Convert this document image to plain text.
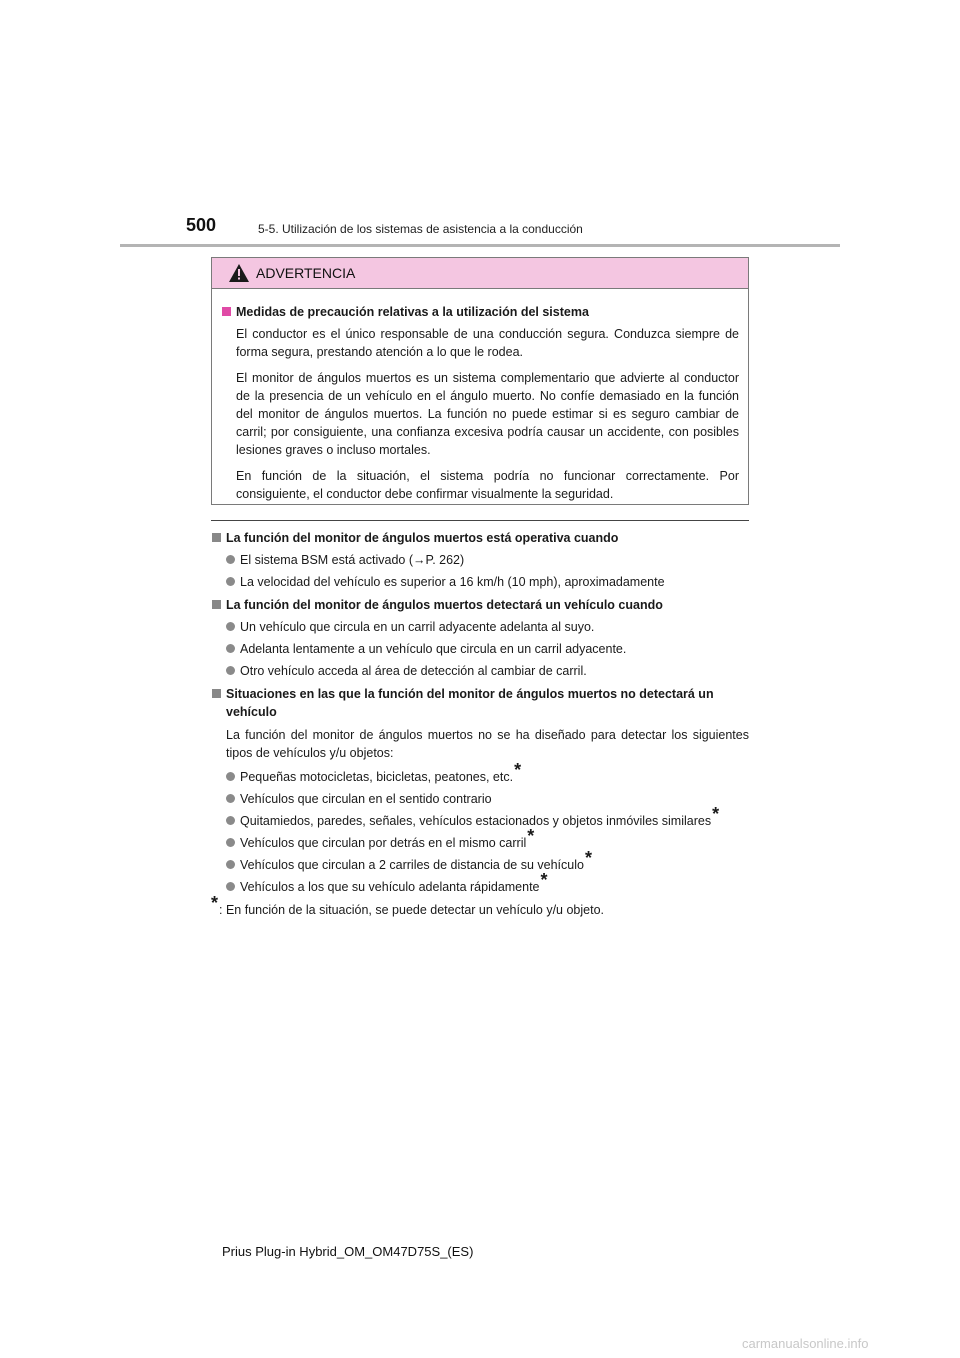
500	5-5. Utilización de los sistemas de asistencia a la conducción
ADVERTENCIA
Medidas de precaución relativas a la utilización del sistema

El conductor es el único responsable de una conducción segura. Conduzca siempre de forma segura, prestando atención a lo que le rodea.

El monitor de ángulos muertos es un sistema complementario que advierte al conductor de la presencia de un vehículo en el ángulo muerto. No confíe demasiado en la función del monitor de ángulos muertos. La función no puede estimar si es seguro cambiar de carril; por consiguiente, una confianza excesiva podría causar un accidente, con posibles lesiones graves o incluso mortales.

En función de la situación, el sistema podría no funcionar correctamente. Por consiguiente, el conductor debe confirmar visualmente la seguridad.

La función del monitor de ángulos muertos está operativa cuando
El sistema BSM está activado (→P. 262)
La velocidad del vehículo es superior a 16 km/h (10 mph), aproximadamente
La función del monitor de ángulos muertos detectará un vehículo cuando
Un vehículo que circula en un carril adyacente adelanta al suyo.
Adelanta lentamente a un vehículo que circula en un carril adyacente.
Otro vehículo acceda al área de detección al cambiar de carril.
Situaciones en las que la función del monitor de ángulos muertos no detectará un vehículo

La función del monitor de ángulos muertos no se ha diseñado para detectar los siguientes tipos de vehículos y/u objetos:

Pequeñas motocicletas, bicicletas, peatones, etc.*
Vehículos que circulan en el sentido contrario
Quitamiedos, paredes, señales, vehículos estacionados y objetos inmóviles similares*
Vehículos que circulan por detrás en el mismo carril*
Vehículos que circulan a 2 carriles de distancia de su vehículo*
Vehículos a los que su vehículo adelanta rápidamente*
*: En función de la situación, se puede detectar un vehículo y/u objeto.
Prius Plug-in Hybrid_OM_OM47D75S_(ES)
carmanualsonline.info
